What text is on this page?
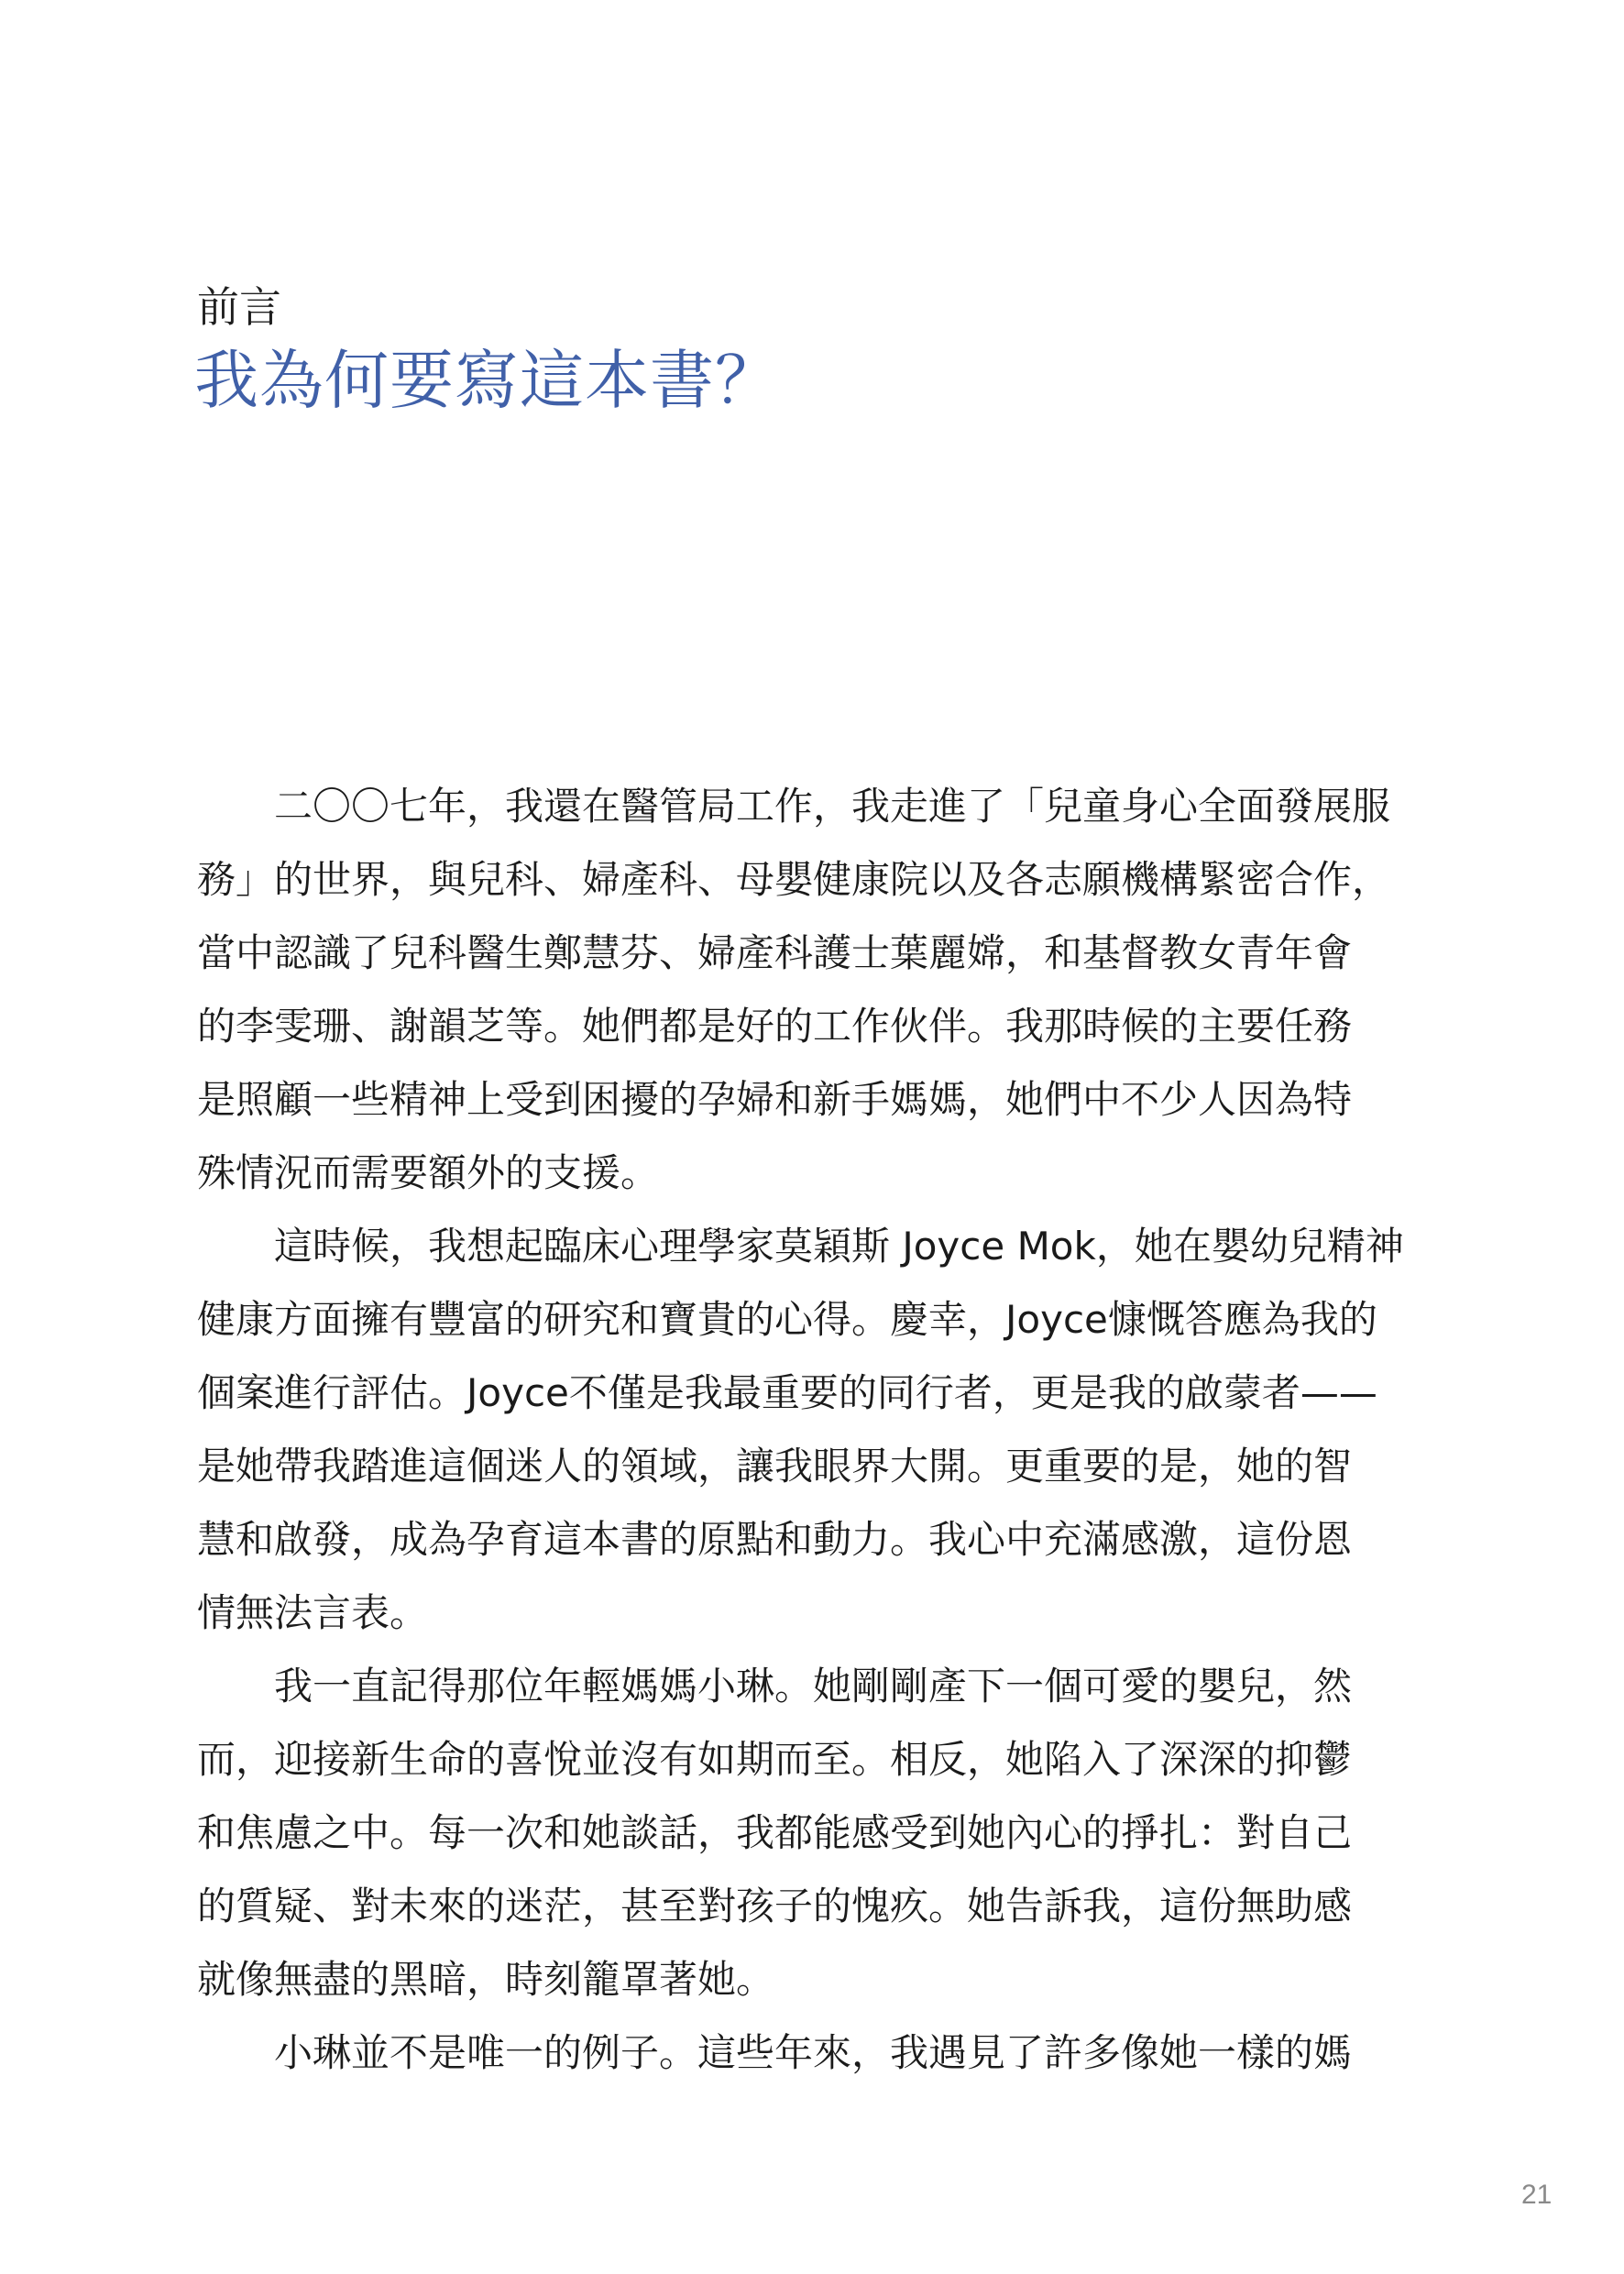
前言
我為何要寫這本書？
　　二〇〇七年，我還在醫管局工作，我走進了「兒童身心全面發展服
務」的世界，與兒科、婦產科、母嬰健康院以及各志願機構緊密合作，
當中認識了兒科醫生鄭慧芬、婦產科護士葉麗嫦，和基督教女青年會
的李雯珊、謝韻芝等。她們都是好的工作伙伴。我那時候的主要任務
是照顧一些精神上受到困擾的孕婦和新手媽媽，她們中不少人因為特
殊情況而需要額外的支援。
　　這時候，我想起臨床心理學家莫穎斯 Joyce Mok，她在嬰幼兒精神
健康方面擁有豐富的研究和寶貴的心得。慶幸，Joyce慷慨答應為我的
個案進行評估。Joyce不僅是我最重要的同行者，更是我的啟蒙者——
是她帶我踏進這個迷人的領域，讓我眼界大開。更重要的是，她的智
慧和啟發，成為孕育這本書的原點和動力。我心中充滿感激，這份恩
情無法言表。
　　我一直記得那位年輕媽媽小琳。她剛剛產下一個可愛的嬰兒，然
而，迎接新生命的喜悅並沒有如期而至。相反，她陷入了深深的抑鬱
和焦慮之中。每一次和她談話，我都能感受到她內心的掙扎：對自己
的質疑、對未來的迷茫，甚至對孩子的愧疚。她告訴我，這份無助感
就像無盡的黑暗，時刻籠罩著她。
　　小琳並不是唯一的例子。這些年來，我遇見了許多像她一樣的媽
21
